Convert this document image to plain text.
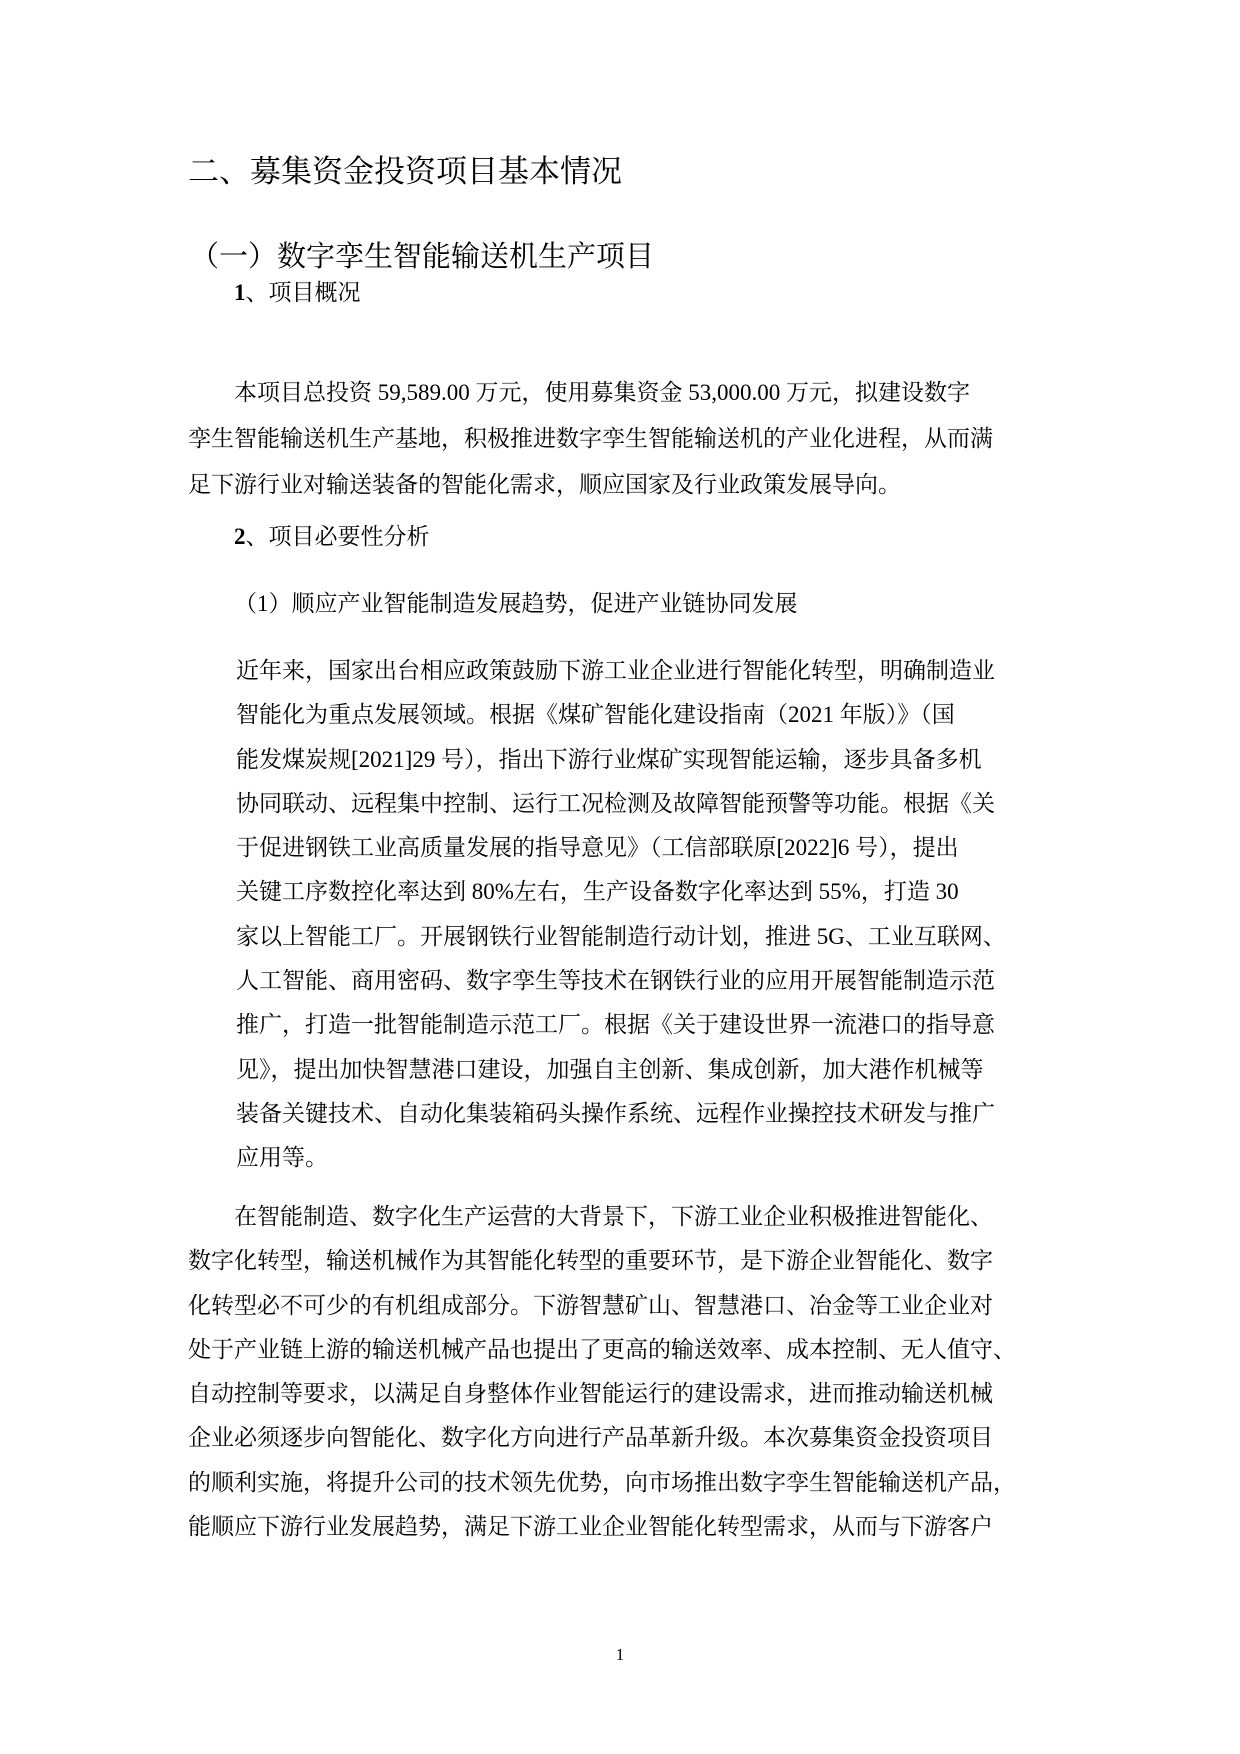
二、募集资金投资项目基本情况
（一）数字孪生智能输送机生产项目
1、项目概况
本项目总投资 59,589.00 万元，使用募集资金 53,000.00 万元，拟建设数字
孪生智能输送机生产基地，积极推进数字孪生智能输送机的产业化进程，从而满
足下游行业对输送装备的智能化需求，顺应国家及行业政策发展导向。
2、项目必要性分析
（1）顺应产业智能制造发展趋势，促进产业链协同发展
近年来，国家出台相应政策鼓励下游工业企业进行智能化转型，明确制造业
智能化为重点发展领域。根据《煤矿智能化建设指南（2021 年版）》（国
能发煤炭规[2021]29 号），指出下游行业煤矿实现智能运输，逐步具备多机
协同联动、远程集中控制、运行工况检测及故障智能预警等功能。根据《关
于促进钢铁工业高质量发展的指导意见》（工信部联原[2022]6 号），提出
关键工序数控化率达到 80%左右，生产设备数字化率达到 55%，打造 30
家以上智能工厂。开展钢铁行业智能制造行动计划，推进 5G、工业互联网、
人工智能、商用密码、数字孪生等技术在钢铁行业的应用开展智能制造示范
推广，打造一批智能制造示范工厂。根据《关于建设世界一流港口的指导意
见》，提出加快智慧港口建设，加强自主创新、集成创新，加大港作机械等
装备关键技术、自动化集装箱码头操作系统、远程作业操控技术研发与推广
应用等。
在智能制造、数字化生产运营的大背景下，下游工业企业积极推进智能化、
数字化转型，输送机械作为其智能化转型的重要环节，是下游企业智能化、数字
化转型必不可少的有机组成部分。下游智慧矿山、智慧港口、冶金等工业企业对
处于产业链上游的输送机械产品也提出了更高的输送效率、成本控制、无人值守、
自动控制等要求，以满足自身整体作业智能运行的建设需求，进而推动输送机械
企业必须逐步向智能化、数字化方向进行产品革新升级。本次募集资金投资项目
的顺利实施，将提升公司的技术领先优势，向市场推出数字孪生智能输送机产品，
能顺应下游行业发展趋势，满足下游工业企业智能化转型需求，从而与下游客户
1
